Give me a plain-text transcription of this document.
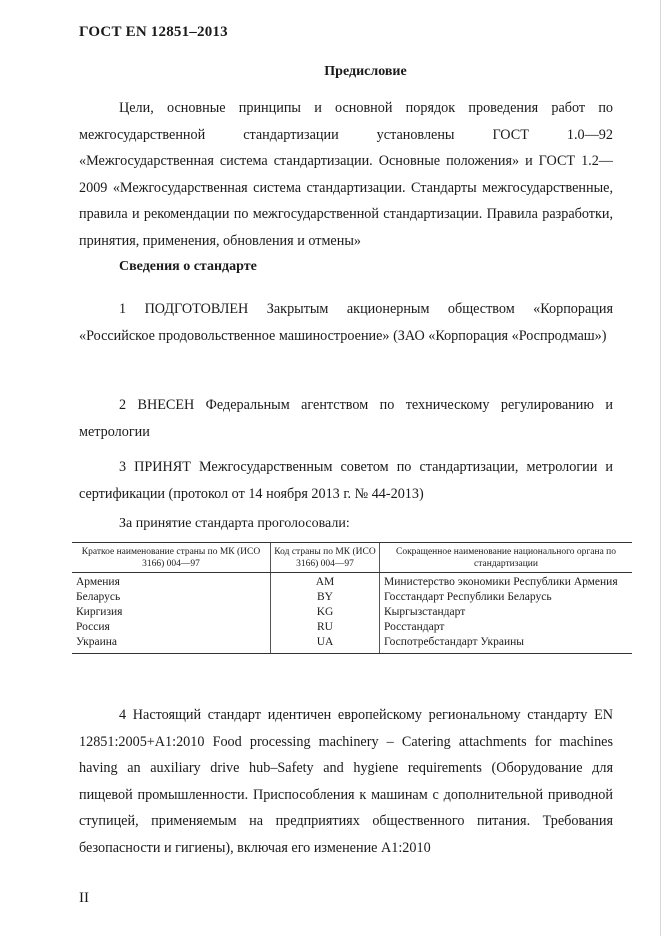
ГОСТ EN 12851–2013
Предисловие

Цели, основные принципы и основной порядок проведения работ по межгосударственной стандартизации установлены ГОСТ 1.0—92 «Межгосударственная система стандартизации. Основные положения» и ГОСТ 1.2—2009 «Межгосударственная система стандартизации. Стандарты межгосударственные, правила и рекомендации по межгосударственной стандартизации. Правила разработки, принятия, применения, обновления и отмены»

Сведения о стандарте

1 ПОДГОТОВЛЕН Закрытым акционерным обществом «Корпорация «Российское продовольственное машиностроение» (ЗАО «Корпорация «Роспродмаш»)

2 ВНЕСЕН Федеральным агентством по техническому регулированию и метрологии

3 ПРИНЯТ Межгосударственным советом по стандартизации, метрологии и сертификации (протокол от 14 ноября 2013 г. № 44-2013)

За принятие стандарта проголосовали:
Краткое наименование страны по МК (ИСО 3166) 004—97	Код страны по МК (ИСО 3166) 004—97	Сокращенное наименование национального органа по стандартизации
Армения	AM	Министерство экономики Республики Армения
Беларусь	BY	Госстандарт Республики Беларусь
Киргизия	KG	Кыргызстандарт
Россия	RU	Росстандарт
Украина	UA	Госпотребстандарт Украины

4 Настоящий стандарт идентичен европейскому региональному стандарту EN 12851:2005+A1:2010 Food processing machinery – Catering attachments for machines having an auxiliary drive hub–Safety and hygiene requirements (Оборудование для пищевой промышленности. Приспособления к машинам с дополнительной приводной ступицей, применяемым на предприятиях общественного питания. Требования безопасности и гигиены), включая его изменение A1:2010

II
